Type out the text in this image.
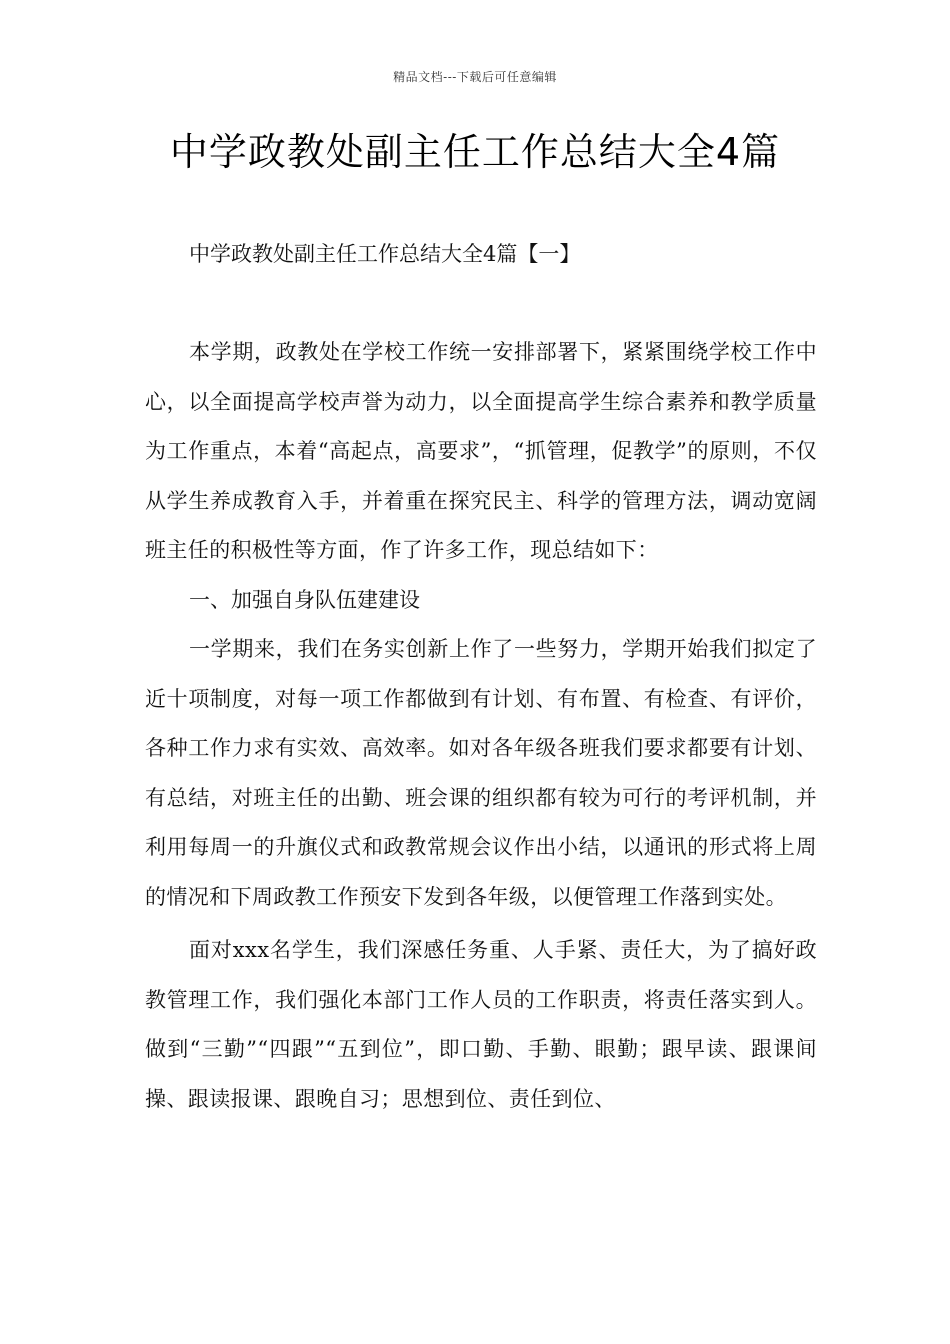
精品文档---下载后可任意编辑
中学政教处副主任工作总结大全4篇

中学政教处副主任工作总结大全4篇【一】

本学期，政教处在学校工作统一安排部署下，紧紧围绕学校工作中心，以全面提高学校声誉为动力，以全面提高学生综合素养和教学质量为工作重点，本着“高起点，高要求”，“抓管理，促教学”的原则，不仅从学生养成教育入手，并着重在探究民主、科学的管理方法，调动宽阔班主任的积极性等方面，作了许多工作，现总结如下：

一、加强自身队伍建建设

一学期来，我们在务实创新上作了一些努力，学期开始我们拟定了近十项制度，对每一项工作都做到有计划、有布置、有检查、有评价，各种工作力求有实效、高效率。如对各年级各班我们要求都要有计划、有总结，对班主任的出勤、班会课的组织都有较为可行的考评机制，并利用每周一的升旗仪式和政教常规会议作出小结，以通讯的形式将上周的情况和下周政教工作预安下发到各年级，以便管理工作落到实处。

面对xxx名学生，我们深感任务重、人手紧、责任大，为了搞好政教管理工作，我们强化本部门工作人员的工作职责，将责任落实到人。做到“三勤”“四跟”“五到位”，即口勤、手勤、眼勤；跟早读、跟课间操、跟读报课、跟晚自习；思想到位、责任到位、
